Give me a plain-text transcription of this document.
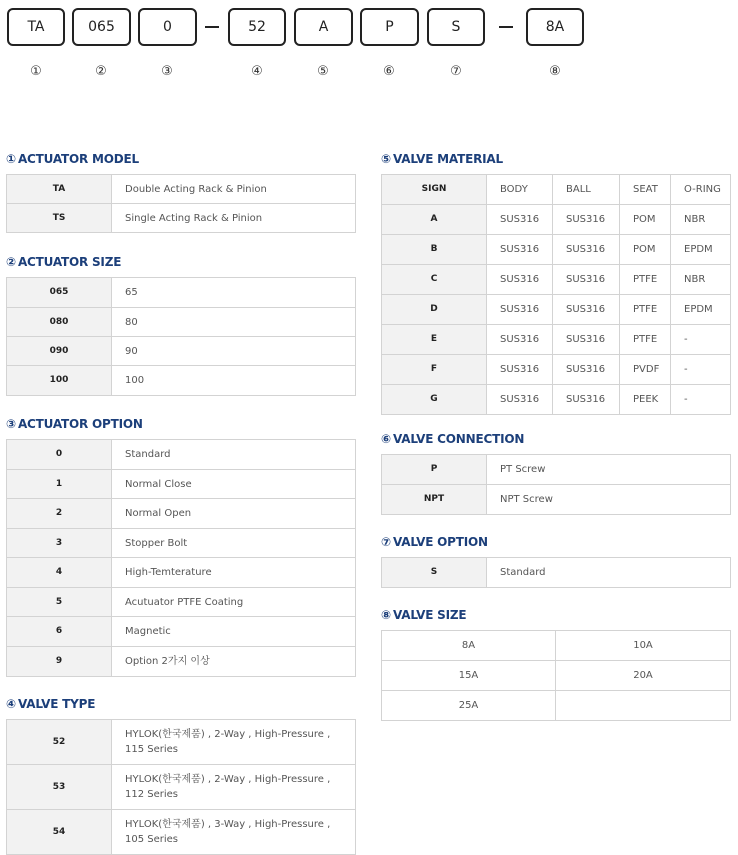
TA	065	0	52	A	P	S	8A
①	②	③	④	⑤	⑥	⑦	⑧
① ACTUATOR MODEL
TA	Double Acting Rack & Pinion
TS	Single Acting Rack & Pinion
② ACTUATOR SIZE
065	65
080	80
090	90
100	100
③ ACTUATOR OPTION
0	Standard
1	Normal Close
2	Normal Open
3	Stopper Bolt
4	High-Temterature
5	Acutuator PTFE Coating
6	Magnetic
9	Option 2가지 이상
④ VALVE TYPE
52	HYLOK(한국제품) , 2-Way , High-Pressure , 115 Series
53	HYLOK(한국제품) , 2-Way , High-Pressure , 112 Series
54	HYLOK(한국제품) , 3-Way , High-Pressure , 105 Series
⑤ VALVE MATERIAL
SIGN	BODY	BALL	SEAT	O-RING
A	SUS316	SUS316	POM	NBR
B	SUS316	SUS316	POM	EPDM
C	SUS316	SUS316	PTFE	NBR
D	SUS316	SUS316	PTFE	EPDM
E	SUS316	SUS316	PTFE	-
F	SUS316	SUS316	PVDF	-
G	SUS316	SUS316	PEEK	-
⑥ VALVE CONNECTION
P	PT Screw
NPT	NPT Screw
⑦ VALVE OPTION
S	Standard
⑧ VALVE SIZE
8A	10A
15A	20A
25A	
